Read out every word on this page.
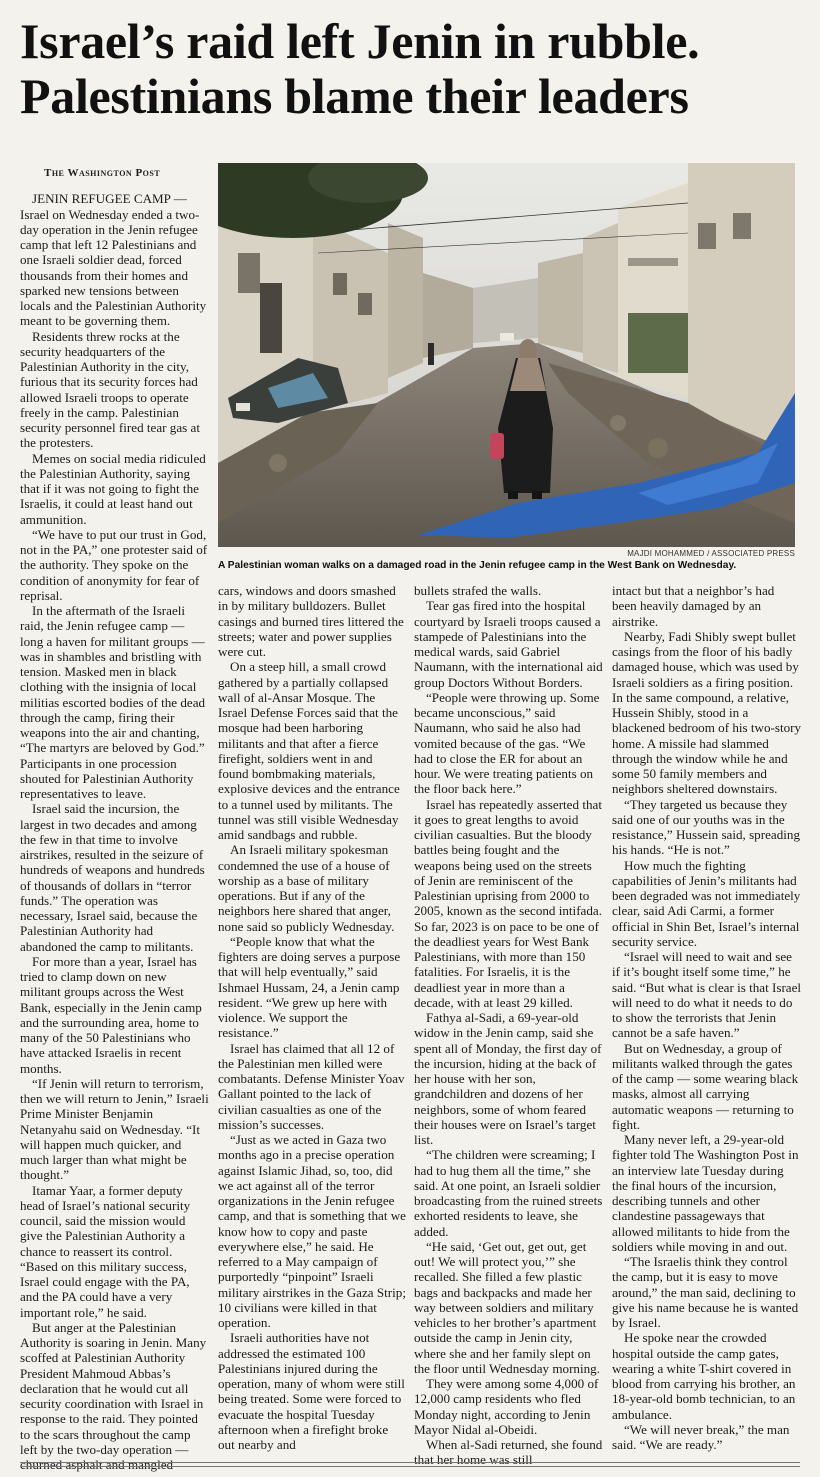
Israel’s raid left Jenin in rubble.
Palestinians blame their leaders
MAJDI MOHAMMED / ASSOCIATED PRESS
A Palestinian woman walks on a damaged road in the Jenin refugee camp in the West Bank on Wednesday.

The Washington Post

JENIN REFUGEE CAMP — Israel on Wednesday ended a two-day operation in the Jenin refugee camp that left 12 Palestinians and one Israeli soldier dead, forced thousands from their homes and sparked new tensions between locals and the Palestinian Authority meant to be governing them.

Residents threw rocks at the security headquarters of the Palestinian Authority in the city, furious that its security forces had allowed Israeli troops to operate freely in the camp. Palestinian security personnel fired tear gas at the protesters.

Memes on social media ridiculed the Palestinian Authority, saying that if it was not going to fight the Israelis, it could at least hand out ammunition.

“We have to put our trust in God, not in the PA,” one protester said of the authority. They spoke on the condition of anonymity for fear of reprisal.

In the aftermath of the Israeli raid, the Jenin refugee camp — long a haven for militant groups — was in shambles and bristling with tension. Masked men in black clothing with the insignia of local militias escorted bodies of the dead through the camp, firing their weapons into the air and chanting, “The martyrs are beloved by God.” Participants in one procession shouted for Palestinian Authority representatives to leave.

Israel said the incursion, the largest in two decades and among the few in that time to involve airstrikes, resulted in the seizure of hundreds of weapons and hundreds of thousands of dollars in “terror funds.” The operation was necessary, Israel said, because the Palestinian Authority had abandoned the camp to militants.

For more than a year, Israel has tried to clamp down on new militant groups across the West Bank, especially in the Jenin camp and the surrounding area, home to many of the 50 Palestinians who have attacked Israelis in recent months.

“If Jenin will return to terrorism, then we will return to Jenin,” Israeli Prime Minister Benjamin Netanyahu said on Wednesday. “It will happen much quicker, and much larger than what might be thought.”

Itamar Yaar, a former deputy head of Israel’s national security council, said the mission would give the Palestinian Authority a chance to reassert its control. “Based on this military success, Israel could engage with the PA, and the PA could have a very important role,” he said.

But anger at the Palestinian Authority is soaring in Jenin. Many scoffed at Palestinian Authority President Mahmoud Abbas’s declaration that he would cut all security coordination with Israel in response to the raid. They pointed to the scars throughout the camp left by the two-day operation — churned asphalt and mangled

cars, windows and doors smashed in by military bulldozers. Bullet casings and burned tires littered the streets; water and power supplies were cut.

On a steep hill, a small crowd gathered by a partially collapsed wall of al-Ansar Mosque. The Israel Defense Forces said that the mosque had been harboring militants and that after a fierce firefight, soldiers went in and found bombmaking materials, explosive devices and the entrance to a tunnel used by militants. The tunnel was still visible Wednesday amid sandbags and rubble.

An Israeli military spokesman condemned the use of a house of worship as a base of military operations. But if any of the neighbors here shared that anger, none said so publicly Wednesday.

“People know that what the fighters are doing serves a purpose that will help eventually,” said Ishmael Hussam, 24, a Jenin camp resident. “We grew up here with violence. We support the resistance.”

Israel has claimed that all 12 of the Palestinian men killed were combatants. Defense Minister Yoav Gallant pointed to the lack of civilian casualties as one of the mission’s successes.

“Just as we acted in Gaza two months ago in a precise operation against Islamic Jihad, so, too, did we act against all of the terror organizations in the Jenin refugee camp, and that is something that we know how to copy and paste everywhere else,” he said. He referred to a May campaign of purportedly “pinpoint” Israeli military airstrikes in the Gaza Strip; 10 civilians were killed in that operation.

Israeli authorities have not addressed the estimated 100 Palestinians injured during the operation, many of whom were still being treated. Some were forced to evacuate the hospital Tuesday afternoon when a firefight broke out nearby and

bullets strafed the walls.

Tear gas fired into the hospital courtyard by Israeli troops caused a stampede of Palestinians into the medical wards, said Gabriel Naumann, with the international aid group Doctors Without Borders.

“People were throwing up. Some became unconscious,” said Naumann, who said he also had vomited because of the gas. “We had to close the ER for about an hour. We were treating patients on the floor back here.”

Israel has repeatedly asserted that it goes to great lengths to avoid civilian casualties. But the bloody battles being fought and the weapons being used on the streets of Jenin are reminiscent of the Palestinian uprising from 2000 to 2005, known as the second intifada. So far, 2023 is on pace to be one of the deadliest years for West Bank Palestinians, with more than 150 fatalities. For Israelis, it is the deadliest year in more than a decade, with at least 29 killed.

Fathya al-Sadi, a 69-year-old widow in the Jenin camp, said she spent all of Monday, the first day of the incursion, hiding at the back of her house with her son, grandchildren and dozens of her neighbors, some of whom feared their houses were on Israel’s target list.

“The children were screaming; I had to hug them all the time,” she said. At one point, an Israeli soldier broadcasting from the ruined streets exhorted residents to leave, she added.

“He said, ‘Get out, get out, get out! We will protect you,’” she recalled. She filled a few plastic bags and backpacks and made her way between soldiers and military vehicles to her brother’s apartment outside the camp in Jenin city, where she and her family slept on the floor until Wednesday morning.

They were among some 4,000 of 12,000 camp residents who fled Monday night, according to Jenin Mayor Nidal al-Obeidi.

When al-Sadi returned, she found that her home was still

intact but that a neighbor’s had been heavily damaged by an airstrike.

Nearby, Fadi Shibly swept bullet casings from the floor of his badly damaged house, which was used by Israeli soldiers as a firing position. In the same compound, a relative, Hussein Shibly, stood in a blackened bedroom of his two-story home. A missile had slammed through the window while he and some 50 family members and neighbors sheltered downstairs.

“They targeted us because they said one of our youths was in the resistance,” Hussein said, spreading his hands. “He is not.”

How much the fighting capabilities of Jenin’s militants had been degraded was not immediately clear, said Adi Carmi, a former official in Shin Bet, Israel’s internal security service.

“Israel will need to wait and see if it’s bought itself some time,” he said. “But what is clear is that Israel will need to do what it needs to do to show the terrorists that Jenin cannot be a safe haven.”

But on Wednesday, a group of militants walked through the gates of the camp — some wearing black masks, almost all carrying automatic weapons — returning to fight.

Many never left, a 29-year-old fighter told The Washington Post in an interview late Tuesday during the final hours of the incursion, describing tunnels and other clandestine passageways that allowed militants to hide from the soldiers while moving in and out.

“The Israelis think they control the camp, but it is easy to move around,” the man said, declining to give his name because he is wanted by Israel.

He spoke near the crowded hospital outside the camp gates, wearing a white T-shirt covered in blood from carrying his brother, an 18-year-old bomb technician, to an ambulance.

“We will never break,” the man said. “We are ready.”
